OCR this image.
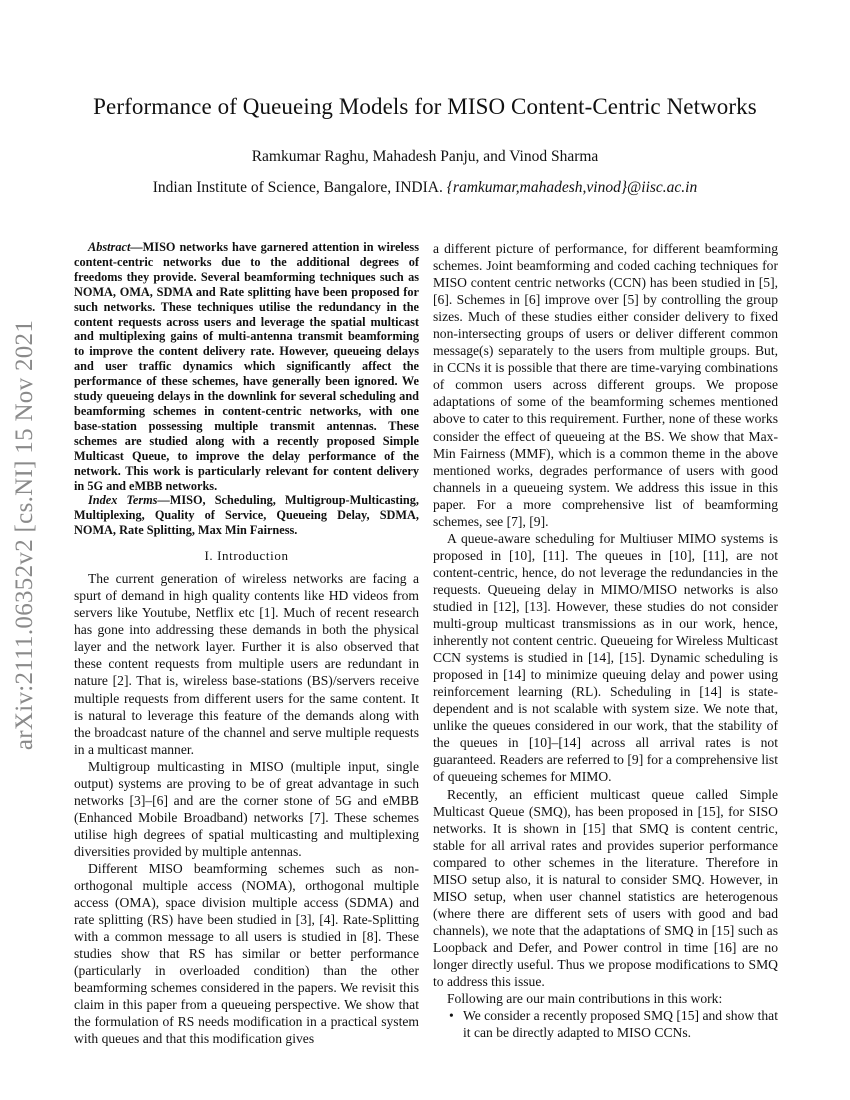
arXiv:2111.06352v2 [cs.NI] 15 Nov 2021
Performance of Queueing Models for MISO Content-Centric Networks
Ramkumar Raghu, Mahadesh Panju, and Vinod Sharma
Indian Institute of Science, Bangalore, INDIA. {ramkumar,mahadesh,vinod}@iisc.ac.in

Abstract—MISO networks have garnered attention in wireless content-centric networks due to the additional degrees of freedoms they provide. Several beamforming techniques such as NOMA, OMA, SDMA and Rate splitting have been proposed for such networks. These techniques utilise the redundancy in the content requests across users and leverage the spatial multicast and multiplexing gains of multi-antenna transmit beamforming to improve the content delivery rate. However, queueing delays and user traffic dynamics which significantly affect the performance of these schemes, have generally been ignored. We study queueing delays in the downlink for several scheduling and beamforming schemes in content-centric networks, with one base-station possessing multiple transmit antennas. These schemes are studied along with a recently proposed Simple Multicast Queue, to improve the delay performance of the network. This work is particularly relevant for content delivery in 5G and eMBB networks.

Index Terms—MISO, Scheduling, Multigroup-Multicasting, Multiplexing, Quality of Service, Queueing Delay, SDMA, NOMA, Rate Splitting, Max Min Fairness.

I. Introduction

The current generation of wireless networks are facing a spurt of demand in high quality contents like HD videos from servers like Youtube, Netflix etc [1]. Much of recent research has gone into addressing these demands in both the physical layer and the network layer. Further it is also observed that these content requests from multiple users are redundant in nature [2]. That is, wireless base-stations (BS)/servers receive multiple requests from different users for the same content. It is natural to leverage this feature of the demands along with the broadcast nature of the channel and serve multiple requests in a multicast manner.

Multigroup multicasting in MISO (multiple input, single output) systems are proving to be of great advantage in such networks [3]–[6] and are the corner stone of 5G and eMBB (Enhanced Mobile Broadband) networks [7]. These schemes utilise high degrees of spatial multicasting and multiplexing diversities provided by multiple antennas.

Different MISO beamforming schemes such as non-orthogonal multiple access (NOMA), orthogonal multiple access (OMA), space division multiple access (SDMA) and rate splitting (RS) have been studied in [3], [4]. Rate-Splitting with a common message to all users is studied in [8]. These studies show that RS has similar or better performance (particularly in overloaded condition) than the other beamforming schemes considered in the papers. We revisit this claim in this paper from a queueing perspective. We show that the formulation of RS needs modification in a practical system with queues and that this modification gives

a different picture of performance, for different beamforming schemes. Joint beamforming and coded caching techniques for MISO content centric networks (CCN) has been studied in [5], [6]. Schemes in [6] improve over [5] by controlling the group sizes. Much of these studies either consider delivery to fixed non-intersecting groups of users or deliver different common message(s) separately to the users from multiple groups. But, in CCNs it is possible that there are time-varying combinations of common users across different groups. We propose adaptations of some of the beamforming schemes mentioned above to cater to this requirement. Further, none of these works consider the effect of queueing at the BS. We show that Max-Min Fairness (MMF), which is a common theme in the above mentioned works, degrades performance of users with good channels in a queueing system. We address this issue in this paper. For a more comprehensive list of beamforming schemes, see [7], [9].

A queue-aware scheduling for Multiuser MIMO systems is proposed in [10], [11]. The queues in [10], [11], are not content-centric, hence, do not leverage the redundancies in the requests. Queueing delay in MIMO/MISO networks is also studied in [12], [13]. However, these studies do not consider multi-group multicast transmissions as in our work, hence, inherently not content centric. Queueing for Wireless Multicast CCN systems is studied in [14], [15]. Dynamic scheduling is proposed in [14] to minimize queuing delay and power using reinforcement learning (RL). Scheduling in [14] is state-dependent and is not scalable with system size. We note that, unlike the queues considered in our work, that the stability of the queues in [10]–[14] across all arrival rates is not guaranteed. Readers are referred to [9] for a comprehensive list of queueing schemes for MIMO.

Recently, an efficient multicast queue called Simple Multicast Queue (SMQ), has been proposed in [15], for SISO networks. It is shown in [15] that SMQ is content centric, stable for all arrival rates and provides superior performance compared to other schemes in the literature. Therefore in MISO setup also, it is natural to consider SMQ. However, in MISO setup, when user channel statistics are heterogenous (where there are different sets of users with good and bad channels), we note that the adaptations of SMQ in [15] such as Loopback and Defer, and Power control in time [16] are no longer directly useful. Thus we propose modifications to SMQ to address this issue.

Following are our main contributions in this work:

• We consider a recently proposed SMQ [15] and show that it can be directly adapted to MISO CCNs.
